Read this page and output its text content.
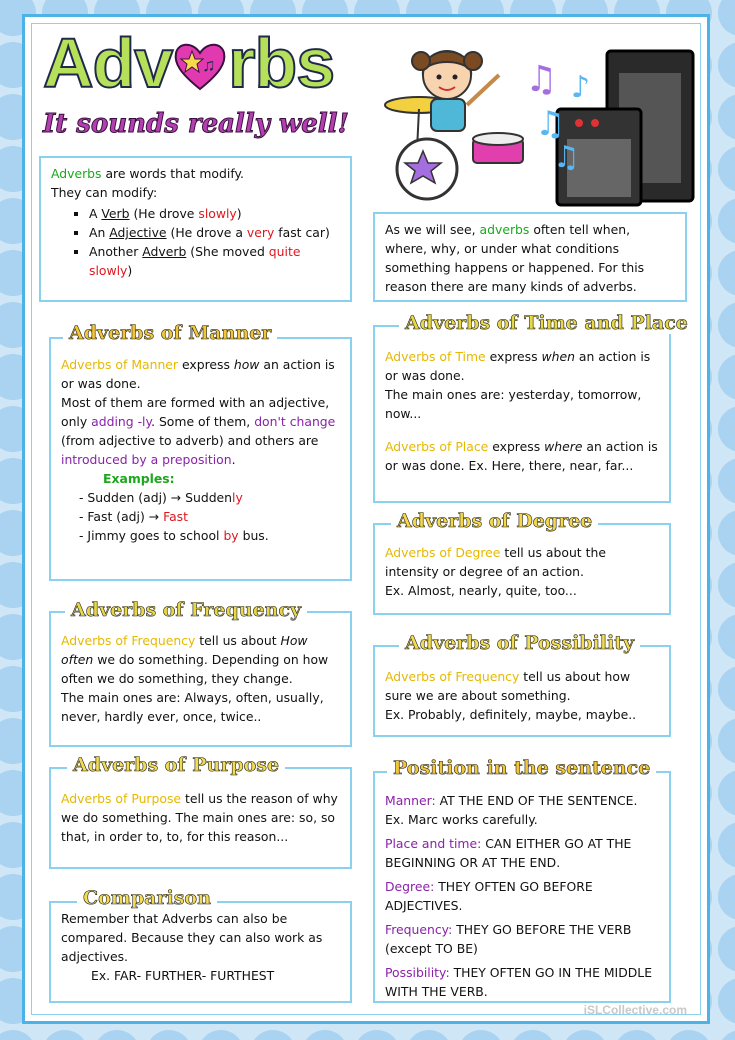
Adv ♫ rbs
It sounds really well!
♫
♫
♪
♫

Adverbs are words that modify.

They can modify:

▪ A Verb (He drove slowly)
▪ An Adjective (He drove a very fast car)
▪ Another Adverb (She moved quite slowly)

As we will see, adverbs often tell when, where, why, or under what conditions something happens or happened. For this reason there are many kinds of adverbs.

Adverbs of Manner express how an action is or was done.

Most of them are formed with an adjective, only adding -ly. Some of them, don't change (from adjective to adverb) and others are introduced by a preposition.

Examples:

- Sudden (adj) → Suddenly
- Fast (adj) → Fast
- Jimmy goes to school by bus.
Adverbs of Manner

Adverbs of Time express when an action is or was done.

The main ones are: yesterday, tomorrow, now...

Adverbs of Place express where an action is or was done. Ex. Here, there, near, far...

Adverbs of Time and Place

Adverbs of Degree tell us about the intensity or degree of an action.

Ex. Almost, nearly, quite, too...

Adverbs of Degree

Adverbs of Frequency tell us about How often we do something. Depending on how often we do something, they change.

The main ones are: Always, often, usually, never, hardly ever, once, twice..

Adverbs of Frequency

Adverbs of Frequency tell us about how sure we are about something.

Ex. Probably, definitely, maybe, maybe..

Adverbs of Possibility

Adverbs of Purpose tell us the reason of why we do something. The main ones are: so, so that, in order to, to, for this reason...

Adverbs of Purpose

Manner: AT THE END OF THE SENTENCE. Ex. Marc works carefully.

Place and time: CAN EITHER GO AT THE BEGINNING OR AT THE END.

Degree: THEY OFTEN GO BEFORE ADJECTIVES.

Frequency: THEY GO BEFORE THE VERB (except TO BE)

Possibility: THEY OFTEN GO IN THE MIDDLE WITH THE VERB.

Position in the sentence

Remember that Adverbs can also be compared. Because they can also work as adjectives.

Ex. FAR- FURTHER- FURTHEST

Comparison
iSLCollective.com
